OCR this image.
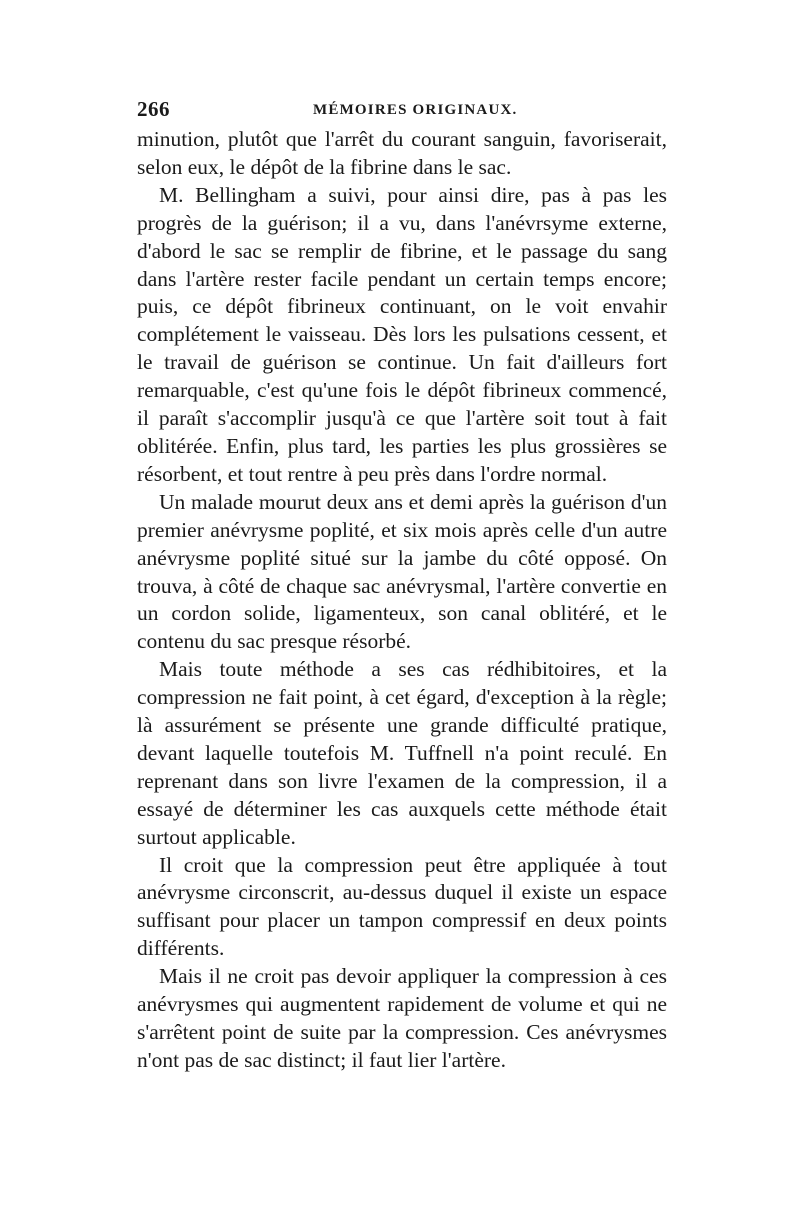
266	MÉMOIRES ORIGINAUX.

minution, plutôt que l'arrêt du courant sanguin, favoriserait, selon eux, le dépôt de la fibrine dans le sac.

M. Bellingham a suivi, pour ainsi dire, pas à pas les progrès de la guérison; il a vu, dans l'anévrsyme externe, d'abord le sac se remplir de fibrine, et le passage du sang dans l'artère rester facile pendant un certain temps encore; puis, ce dépôt fibrineux continuant, on le voit envahir complétement le vaisseau. Dès lors les pulsations cessent, et le travail de guérison se continue. Un fait d'ailleurs fort remarquable, c'est qu'une fois le dépôt fibrineux commencé, il paraît s'accomplir jusqu'à ce que l'artère soit tout à fait oblitérée. Enfin, plus tard, les parties les plus grossières se résorbent, et tout rentre à peu près dans l'ordre normal.

Un malade mourut deux ans et demi après la guérison d'un premier anévrysme poplité, et six mois après celle d'un autre anévrysme poplité situé sur la jambe du côté opposé. On trouva, à côté de chaque sac anévrysmal, l'artère convertie en un cordon solide, ligamenteux, son canal oblitéré, et le contenu du sac presque résorbé.

Mais toute méthode a ses cas rédhibitoires, et la compression ne fait point, à cet égard, d'exception à la règle; là assurément se présente une grande difficulté pratique, devant laquelle toutefois M. Tuffnell n'a point reculé. En reprenant dans son livre l'examen de la compression, il a essayé de déterminer les cas auxquels cette méthode était surtout applicable.

Il croit que la compression peut être appliquée à tout anévrysme circonscrit, au-dessus duquel il existe un espace suffisant pour placer un tampon compressif en deux points différents.

Mais il ne croit pas devoir appliquer la compression à ces anévrysmes qui augmentent rapidement de volume et qui ne s'arrêtent point de suite par la compression. Ces anévrysmes n'ont pas de sac distinct; il faut lier l'artère.
